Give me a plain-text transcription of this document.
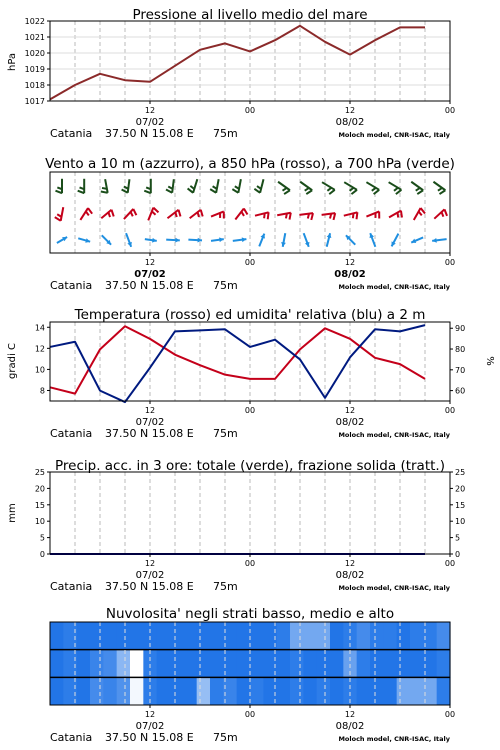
Pressione al livello medio del mare
Vento a 10 m (azzurro), a 850 hPa (rosso), a 700 hPa (verde)
Temperatura (rosso) ed umidita' relativa (blu) a 2 m
Precip. acc. in 3 ore: totale (verde), frazione solida (tratt.)
Nuvolosita' negli strati basso, medio e alto
hPa
gradi C	%
mm
1017
1018
1019
1020
1021
1022
12	00	12	00
07/02	08/02
Catania 37.50 N 15.08 E 75m	Moloch model, CNR-ISAC, Italy
12	00	12	00
07/02	08/02
Catania 37.50 N 15.08 E 75m	Moloch model, CNR-ISAC, Italy
8
10
12
14
60
70
80
90
12	00	12	00
07/02	08/02
Catania 37.50 N 15.08 E 75m	Moloch model, CNR-ISAC, Italy
0
5
10
15
20
25
0
5
10
15
20
25
12	00	12	00
07/02	08/02
Catania 37.50 N 15.08 E 75m	Moloch model, CNR-ISAC, Italy
12	00	12	00
07/02	08/02
Catania 37.50 N 15.08 E 75m	Moloch model, CNR-ISAC, Italy
